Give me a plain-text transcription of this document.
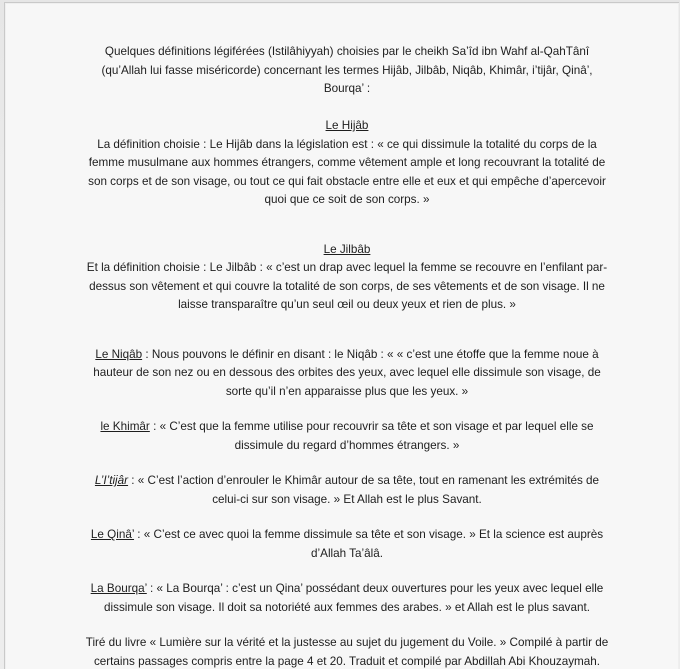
Quelques définitions légiférées (Istilâhiyyah) choisies par le cheikh Sa’îd ibn Wahf al-QahTânî (qu’Allah lui fasse miséricorde) concernant les termes Hijâb, Jilbâb, Niqâb, Khimâr, i’tijâr, Qinâ’, Bourqa’ :

Le Hijâb
La définition choisie : Le Hijâb dans la législation est : « ce qui dissimule la totalité du corps de la femme musulmane aux hommes étrangers, comme vêtement ample et long recouvrant la totalité de son corps et de son visage, ou tout ce qui fait obstacle entre elle et eux et qui empêche d’apercevoir quoi que ce soit de son corps. »

Le Jilbâb
Et la définition choisie : Le Jilbâb : « c’est un drap avec lequel la femme se recouvre en l’enfilant par-dessus son vêtement et qui couvre la totalité de son corps, de ses vêtements et de son visage. Il ne laisse transparaître qu’un seul œil ou deux yeux et rien de plus. »

Le Niqâb : Nous pouvons le définir en disant : le Niqâb : « « c’est une étoffe que la femme noue à hauteur de son nez ou en dessous des orbites des yeux, avec lequel elle dissimule son visage, de sorte qu’il n’en apparaisse plus que les yeux. »

le Khimâr : « C’est que la femme utilise pour recouvrir sa tête et son visage et par lequel elle se dissimule du regard d’hommes étrangers. »

L’I’tijâr : « C’est l’action d’enrouler le Khimâr autour de sa tête, tout en ramenant les extrémités de celui-ci sur son visage. » Et Allah est le plus Savant.

Le Qinâ’ : « C’est ce avec quoi la femme dissimule sa tête et son visage. » Et la science est auprès d’Allah Ta’âlâ.

La Bourqa’ : « La Bourqa’ : c’est un Qina’ possédant deux ouvertures pour les yeux avec lequel elle dissimule son visage. Il doit sa notoriété aux femmes des arabes. » et Allah est le plus savant.

Tiré du livre « Lumière sur la vérité et la justesse au sujet du jugement du Voile. » Compilé à partir de certains passages compris entre la page 4 et 20. Traduit et compilé par Abdillah Abi Khouzaymah.
